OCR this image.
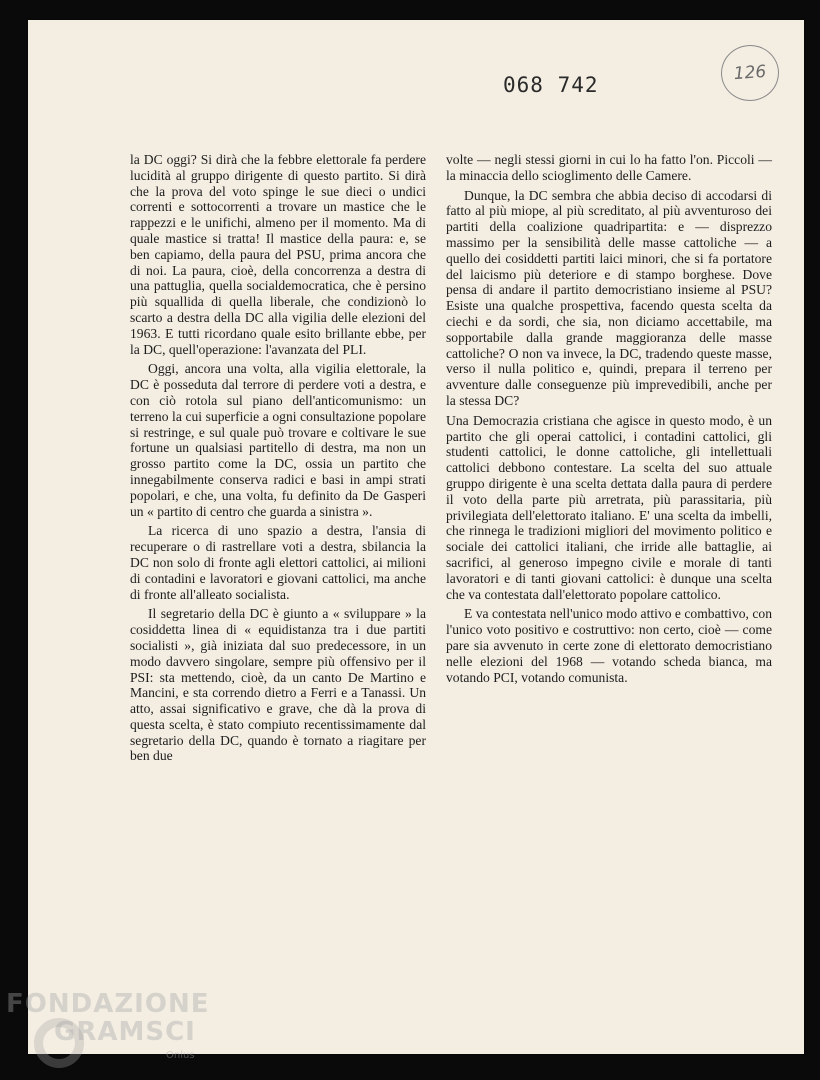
068 742	126

la DC oggi? Si dirà che la febbre elettorale fa perdere lucidità al gruppo dirigente di questo partito. Si dirà che la prova del voto spinge le sue dieci o undici correnti e sottocorrenti a trovare un mastice che le rappezzi e le unifichi, almeno per il momento. Ma di quale mastice si tratta! Il mastice della paura: e, se ben capiamo, della paura del PSU, prima ancora che di noi. La paura, cioè, della concorrenza a destra di una pattuglia, quella socialdemocratica, che è persino più squallida di quella liberale, che condizionò lo scarto a destra della DC alla vigilia delle elezioni del 1963. E tutti ricordano quale esito brillante ebbe, per la DC, quell'operazione: l'avanzata del PLI.

Oggi, ancora una volta, alla vigilia elettorale, la DC è posseduta dal terrore di perdere voti a destra, e con ciò rotola sul piano dell'anticomunismo: un terreno la cui superficie a ogni consultazione popolare si restringe, e sul quale può trovare e coltivare le sue fortune un qualsiasi partitello di destra, ma non un grosso partito come la DC, ossia un partito che innegabilmente conserva radici e basi in ampi strati popolari, e che, una volta, fu definito da De Gasperi un « partito di centro che guarda a sinistra ».

La ricerca di uno spazio a destra, l'ansia di recuperare o di rastrellare voti a destra, sbilancia la DC non solo di fronte agli elettori cattolici, ai milioni di contadini e lavoratori e giovani cattolici, ma anche di fronte all'alleato socialista.

Il segretario della DC è giunto a « sviluppare » la cosiddetta linea di « equidistanza tra i due partiti socialisti », già iniziata dal suo predecessore, in un modo davvero singolare, sempre più offensivo per il PSI: sta mettendo, cioè, da un canto De Martino e Mancini, e sta correndo dietro a Ferri e a Tanassi. Un atto, assai significativo e grave, che dà la prova di questa scelta, è stato compiuto recentissimamente dal segretario della DC, quando è tornato a riagitare per ben due

volte — negli stessi giorni in cui lo ha fatto l'on. Piccoli — la minaccia dello scioglimento delle Camere.

Dunque, la DC sembra che abbia deciso di accodarsi di fatto al più miope, al più screditato, al più avventuroso dei partiti della coalizione quadripartita: e — disprezzo massimo per la sensibilità delle masse cattoliche — a quello dei cosiddetti partiti laici minori, che si fa portatore del laicismo più deteriore e di stampo borghese. Dove pensa di andare il partito democristiano insieme al PSU? Esiste una qualche prospettiva, facendo questa scelta da ciechi e da sordi, che sia, non diciamo accettabile, ma sopportabile dalla grande maggioranza delle masse cattoliche? O non va invece, la DC, tradendo queste masse, verso il nulla politico e, quindi, prepara il terreno per avventure dalle conseguenze più imprevedibili, anche per la stessa DC?

Una Democrazia cristiana che agisce in questo modo, è un partito che gli operai cattolici, i contadini cattolici, gli studenti cattolici, le donne cattoliche, gli intellettuali cattolici debbono contestare. La scelta del suo attuale gruppo dirigente è una scelta dettata dalla paura di perdere il voto della parte più arretrata, più parassitaria, più privilegiata dell'elettorato italiano. E' una scelta da imbelli, che rinnega le tradizioni migliori del movimento politico e sociale dei cattolici italiani, che irride alle battaglie, ai sacrifici, al generoso impegno civile e morale di tanti lavoratori e di tanti giovani cattolici: è dunque una scelta che va contestata dall'elettorato popolare cattolico.

E va contestata nell'unico modo attivo e combattivo, con l'unico voto positivo e costruttivo: non certo, cioè — come pare sia avvenuto in certe zone di elettorato democristiano nelle elezioni del 1968 — votando scheda bianca, ma votando PCI, votando comunista.

FONDAZIONE
GRAMSCI
Onlus
